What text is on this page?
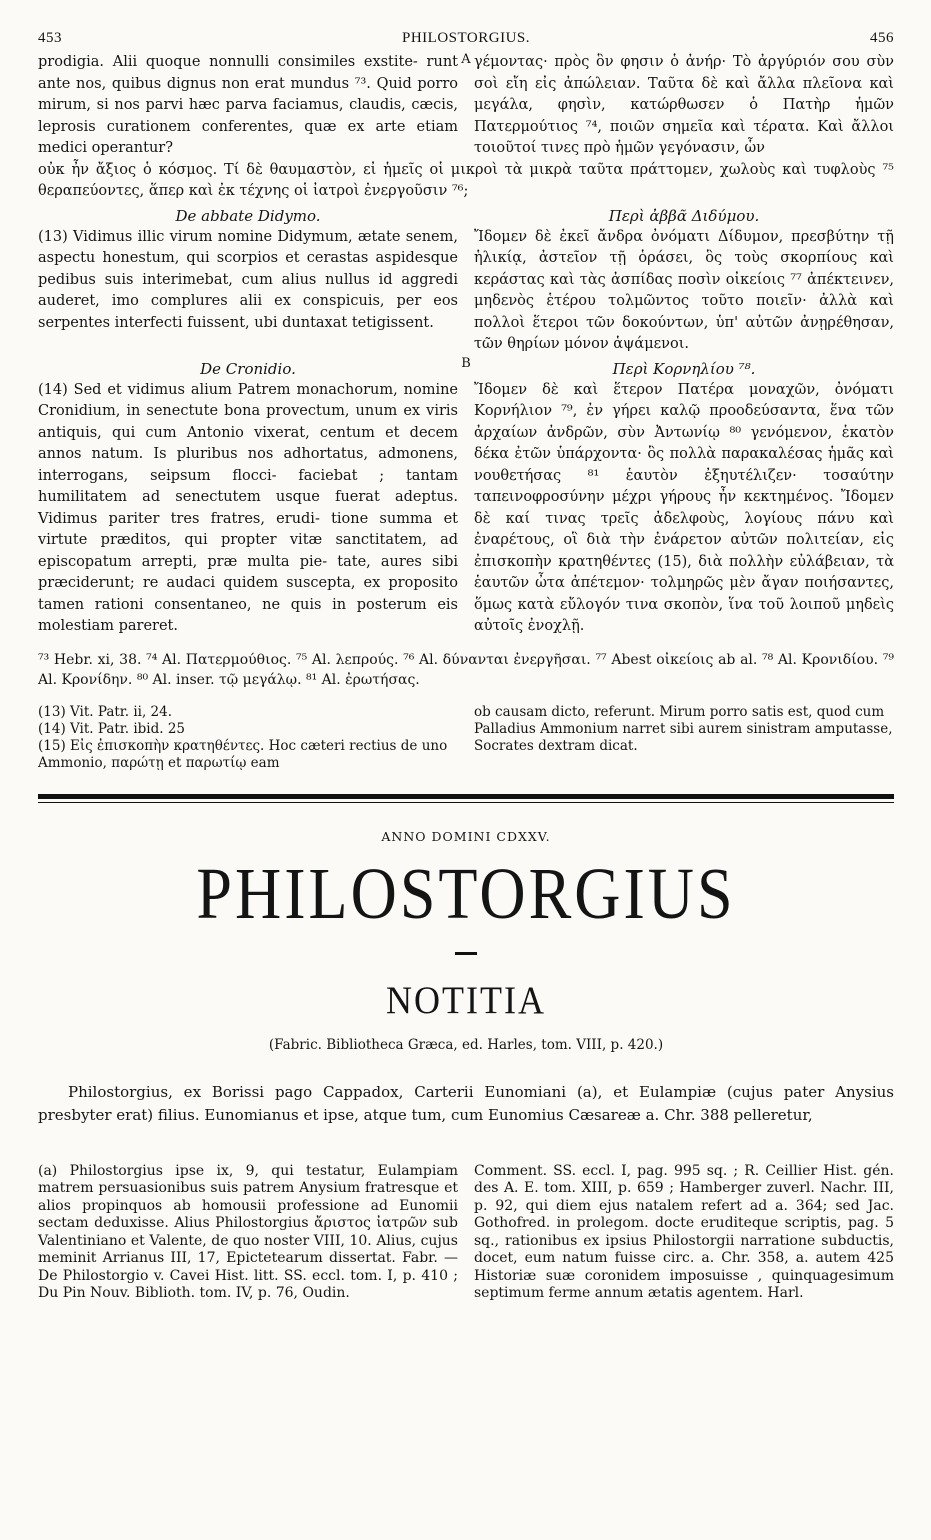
453	PHILOSTORGIUS.	456

prodigia. Alii quoque nonnulli consimiles exstite- runt ante nos, quibus dignus non erat mundus ⁷³. Quid porro mirum, si nos parvi hæc parva faciamus, claudis, cæcis, leprosis curationem conferentes, quæ ex arte etiam medici operantur?

A γέμοντας· πρὸς ὃν φησιν ὁ ἀνήρ· Τὸ ἀργύριόν σου σὺν σοὶ εἴη εἰς ἀπώλειαν. Ταῦτα δὲ καὶ ἄλλα πλεῖονα καὶ μεγάλα, φησὶν, κατώρθωσεν ὁ Πατὴρ ἡμῶν Πατερμούτιος ⁷⁴, ποιῶν σημεῖα καὶ τέρατα. Καὶ ἄλλοι τοιοῦτοί τινες πρὸ ἡμῶν γεγόνασιν, ὧν

οὐκ ἦν ἄξιος ὁ κόσμος. Τί δὲ θαυμαστὸν, εἰ ἡμεῖς οἱ μικροὶ τὰ μικρὰ ταῦτα πράττομεν, χωλοὺς καὶ τυφλοὺς ⁷⁵ θεραπεύοντες, ἅπερ καὶ ἐκ τέχνης οἱ ἰατροὶ ἐνεργοῦσιν ⁷⁶;

De abbate Didymo.	Περὶ ἀββᾶ Διδύμου.

(13) Vidimus illic virum nomine Didymum, ætate senem, aspectu honestum, qui scorpios et cerastas aspidesque pedibus suis interimebat, cum alius nullus id aggredi auderet, imo complures alii ex conspicuis, per eos serpentes interfecti fuissent, ubi duntaxat tetigissent.

Ἴδομεν δὲ ἐκεῖ ἄνδρα ὀνόματι Δίδυμον, πρεσβύτην τῇ ἡλικίᾳ, ἀστεῖον τῇ ὁράσει, ὃς τοὺς σκορπίους καὶ κεράστας καὶ τὰς ἀσπίδας ποσὶν οἰκείοις ⁷⁷ ἀπέκτεινεν, μηδενὸς ἑτέρου τολμῶντος τοῦτο ποιεῖν· ἀλλὰ καὶ πολλοὶ ἕτεροι τῶν δοκούντων, ὑπ' αὐτῶν ἀνῃρέθησαν, τῶν θηρίων μόνον ἁψάμενοι.

De Cronidio.	B	Περὶ Κορνηλίου ⁷⁸.

(14) Sed et vidimus alium Patrem monachorum, nomine Cronidium, in senectute bona provectum, unum ex viris antiquis, qui cum Antonio vixerat, centum et decem annos natum. Is pluribus nos adhortatus, admonens, interrogans, seipsum flocci- faciebat ; tantam humilitatem ad senectutem usque fuerat adeptus. Vidimus pariter tres fratres, erudi- tione summa et virtute præditos, qui propter vitæ sanctitatem, ad episcopatum arrepti, præ multa pie- tate, aures sibi præciderunt; re audaci quidem suscepta, ex proposito tamen rationi consentaneo, ne quis in posterum eis molestiam pareret.

Ἴδομεν δὲ καὶ ἕτερον Πατέρα μοναχῶν, ὀνόματι Κορνήλιον ⁷⁹, ἐν γήρει καλῷ προοδεύσαντα, ἕνα τῶν ἀρχαίων ἀνδρῶν, σὺν Ἀντωνίῳ ⁸⁰ γενόμενον, ἑκατὸν δέκα ἐτῶν ὑπάρχοντα· ὃς πολλὰ παρακαλέσας ἡμᾶς καὶ νουθετήσας ⁸¹ ἑαυτὸν ἐξηυτέλιζεν· τοσαύτην ταπεινοφροσύνην μέχρι γήρους ἦν κεκτημένος. Ἴδομεν δὲ καί τινας τρεῖς ἀδελφοὺς, λογίους πάνυ καὶ ἐναρέτους, οἳ διὰ τὴν ἐνάρετον αὐτῶν πολιτείαν, εἰς ἐπισκοπὴν κρατηθέντες (15), διὰ πολλὴν εὐλάβειαν, τὰ ἑαυτῶν ὦτα ἀπέτεμον· τολμηρῶς μὲν ἄγαν ποιήσαντες, ὅμως κατὰ εὔλογόν τινα σκοπὸν, ἵνα τοῦ λοιποῦ μηδεὶς αὐτοῖς ἐνοχλῇ.

⁷³ Hebr. xi, 38. ⁷⁴ Al. Πατερμούθιος. ⁷⁵ Al. λεπρούς. ⁷⁶ Al. δύνανται ἐνεργῆσαι. ⁷⁷ Abest οἰκείοις ab al. ⁷⁸ Al. Κρονιδίου. ⁷⁹ Al. Κρονίδην. ⁸⁰ Al. inser. τῷ μεγάλῳ. ⁸¹ Al. ἐρωτήσας.

(13) Vit. Patr. ii, 24.
(14) Vit. Patr. ibid. 25
(15) Εἰς ἐπισκοπὴν κρατηθέντες. Hoc cæteri rectius de uno Ammonio, παρώτῃ et παρωτίῳ eam
ob causam dicto, referunt. Mirum porro satis est, quod cum Palladius Ammonium narret sibi aurem sinistram amputasse, Socrates dextram dicat.
ANNO DOMINI CDXXV.
PHILOSTORGIUS
NOTITIA
(Fabric. Bibliotheca Græca, ed. Harles, tom. VIII, p. 420.)

Philostorgius, ex Borissi pago Cappadox, Carterii Eunomiani (a), et Eulampiæ (cujus pater Anysius presbyter erat) filius. Eunomianus et ipse, atque tum, cum Eunomius Cæsareæ a. Chr. 388 pelleretur,

(a) Philostorgius ipse ix, 9, qui testatur, Eulampiam matrem persuasionibus suis patrem Anysium fratresque et alios propinquos ab homousii professione ad Eunomii sectam deduxisse. Alius Philostorgius ἄριστος ἰατρῶν sub Valentiniano et Valente, de quo noster VIII, 10. Alius, cujus meminit Arrianus III, 17, Epictetearum dissertat. Fabr. — De Philostorgio v. Cavei Hist. litt. SS. eccl. tom. I, p. 410 ; Du Pin Nouv. Biblioth. tom. IV, p. 76, Oudin.

Comment. SS. eccl. I, pag. 995 sq. ; R. Ceillier Hist. gén. des A. E. tom. XIII, p. 659 ; Hamberger zuverl. Nachr. III, p. 92, qui diem ejus natalem refert ad a. 364; sed Jac. Gothofred. in prolegom. docte eruditeque scriptis, pag. 5 sq., rationibus ex ipsius Philostorgii narratione subductis, docet, eum natum fuisse circ. a. Chr. 358, a. autem 425 Historiæ suæ coronidem imposuisse , quinquagesimum septimum ferme annum ætatis agentem. Harl.
